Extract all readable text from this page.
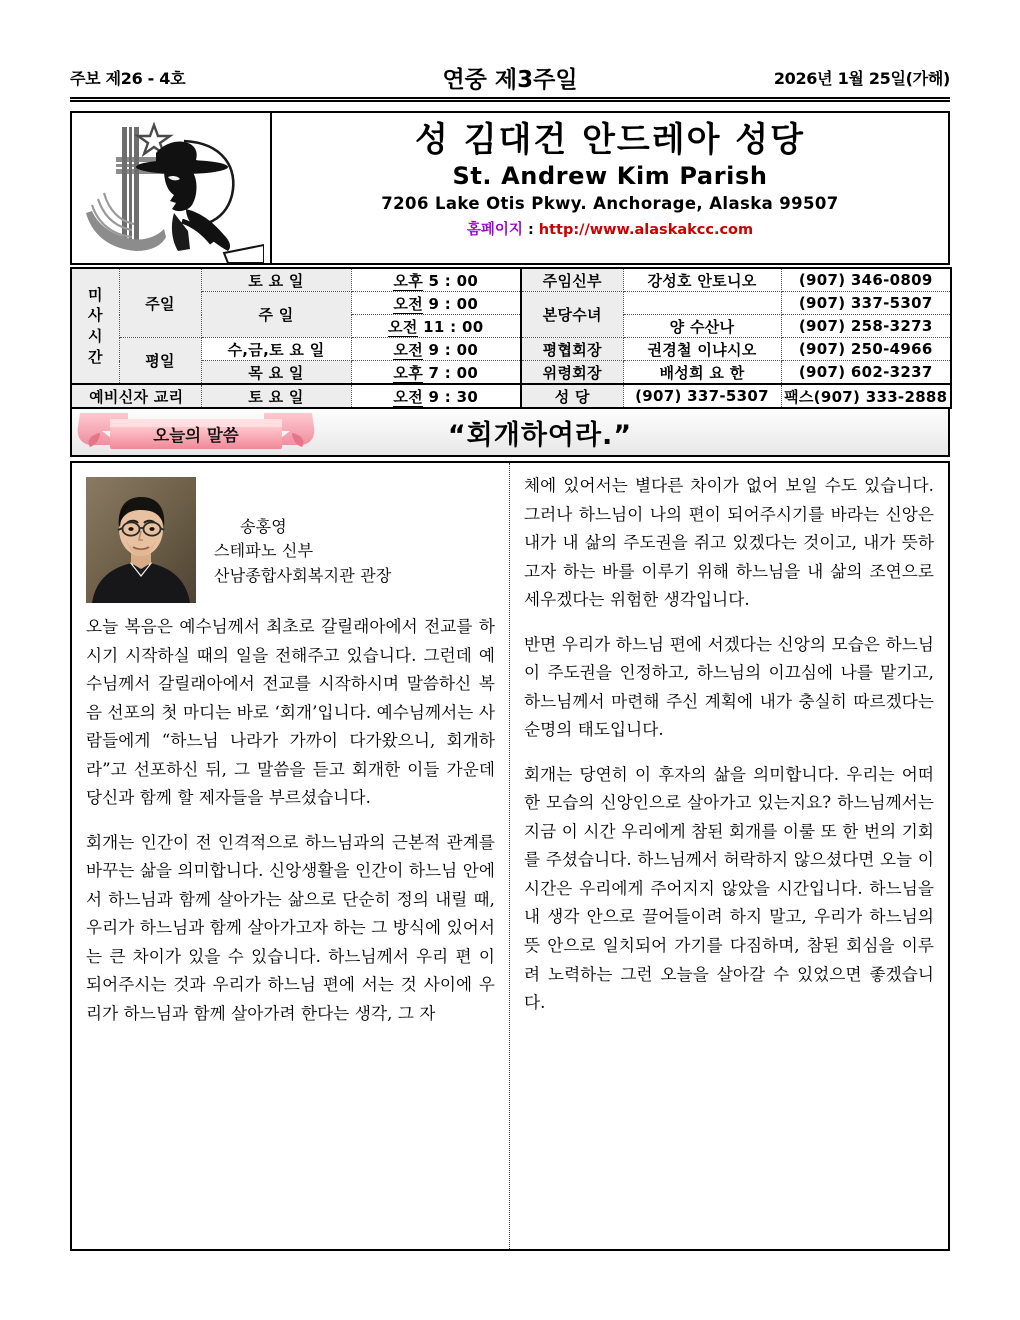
주보 제26 - 4호	연중 제3주일	2026년 1월 25일(가해)
성 김대건 안드레아 성당
St. Andrew Kim Parish
7206 Lake Otis Pkwy. Anchorage, Alaska 99507
홈페이지 : http://www.alaskakcc.com
미
사
시
간	주일	토 요 일	오후 5 : 00	주임신부	강성호 안토니오	(907) 346-0809
		주 일	오전 9 : 00	본당수녀		(907) 337-5307
			오전 11 : 00		양 수산나	(907) 258-3273
	평일	수,금,토 요 일	오전 9 : 00	평협회장	권경철 이냐시오	(907) 250-4966
		목 요 일	오후 7 : 00	위령회장	배성희 요 한	(907) 602-3237
예비신자 교리		토 요 일	오전 9 : 30	성 당	(907) 337-5307	팩스(907) 333-2888
오늘의 말씀	“회개하여라.”
송홍영
스테파노 신부
산남종합사회복지관 관장

오늘 복음은 예수님께서 최초로 갈릴래아에서 전교를 하시기 시작하실 때의 일을 전해주고 있습니다. 그런데 예수님께서 갈릴래아에서 전교를 시작하시며 말씀하신 복음 선포의 첫 마디는 바로 ‘회개’입니다. 예수님께서는 사람들에게 “하느님 나라가 가까이 다가왔으니, 회개하라”고 선포하신 뒤, 그 말씀을 듣고 회개한 이들 가운데 당신과 함께 할 제자들을 부르셨습니다.

회개는 인간이 전 인격적으로 하느님과의 근본적 관계를 바꾸는 삶을 의미합니다. 신앙생활을 인간이 하느님 안에서 하느님과 함께 살아가는 삶으로 단순히 정의 내릴 때, 우리가 하느님과 함께 살아가고자 하는 그 방식에 있어서는 큰 차이가 있을 수 있습니다. 하느님께서 우리 편 이 되어주시는 것과 우리가 하느님 편에 서는 것 사이에 우리가 하느님과 함께 살아가려 한다는 생각, 그 자

체에 있어서는 별다른 차이가 없어 보일 수도 있습니다. 그러나 하느님이 나의 편이 되어주시기를 바라는 신앙은 내가 내 삶의 주도권을 쥐고 있겠다는 것이고, 내가 뜻하고자 하는 바를 이루기 위해 하느님을 내 삶의 조연으로 세우겠다는 위험한 생각입니다.

반면 우리가 하느님 편에 서겠다는 신앙의 모습은 하느님이 주도권을 인정하고, 하느님의 이끄심에 나를 맡기고, 하느님께서 마련해 주신 계획에 내가 충실히 따르겠다는 순명의 태도입니다.

회개는 당연히 이 후자의 삶을 의미합니다. 우리는 어떠한 모습의 신앙인으로 살아가고 있는지요? 하느님께서는 지금 이 시간 우리에게 참된 회개를 이룰 또 한 번의 기회를 주셨습니다. 하느님께서 허락하지 않으셨다면 오늘 이 시간은 우리에게 주어지지 않았을 시간입니다. 하느님을 내 생각 안으로 끌어들이려 하지 말고, 우리가 하느님의 뜻 안으로 일치되어 가기를 다짐하며, 참된 회심을 이루려 노력하는 그런 오늘을 살아갈 수 있었으면 좋겠습니다.
